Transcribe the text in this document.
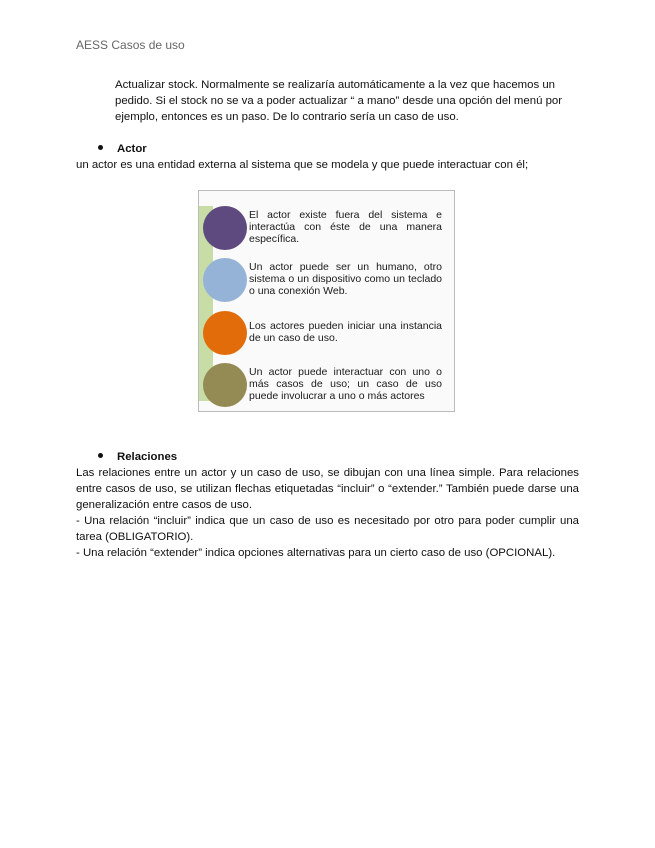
AESS Casos de uso
Actualizar stock. Normalmente se realizaría automáticamente a la vez que hacemos un pedido. Si el stock no se va a poder actualizar “ a mano” desde una opción del menú por ejemplo, entonces es un paso. De lo contrario sería un caso de uso.
Actor
un actor es una entidad externa al sistema que se modela y que puede interactuar con él;
El actor existe fuera del sistema e interactúa con éste de una manera específica.
Un actor puede ser un humano, otro sistema o un dispositivo como un teclado o una conexión Web.
Los actores pueden iniciar una instancia de un caso de uso.
Un actor puede interactuar con uno o más casos de uso; un caso de uso puede involucrar a uno o más actores
Relaciones

Las relaciones entre un actor y un caso de uso, se dibujan con una línea simple. Para relaciones entre casos de uso, se utilizan flechas etiquetadas “incluir” o “extender.” También puede darse una generalización entre casos de uso.

- Una relación “incluir” indica que un caso de uso es necesitado por otro para poder cumplir una tarea (OBLIGATORIO).

- Una relación “extender” indica opciones alternativas para un cierto caso de uso (OPCIONAL).
